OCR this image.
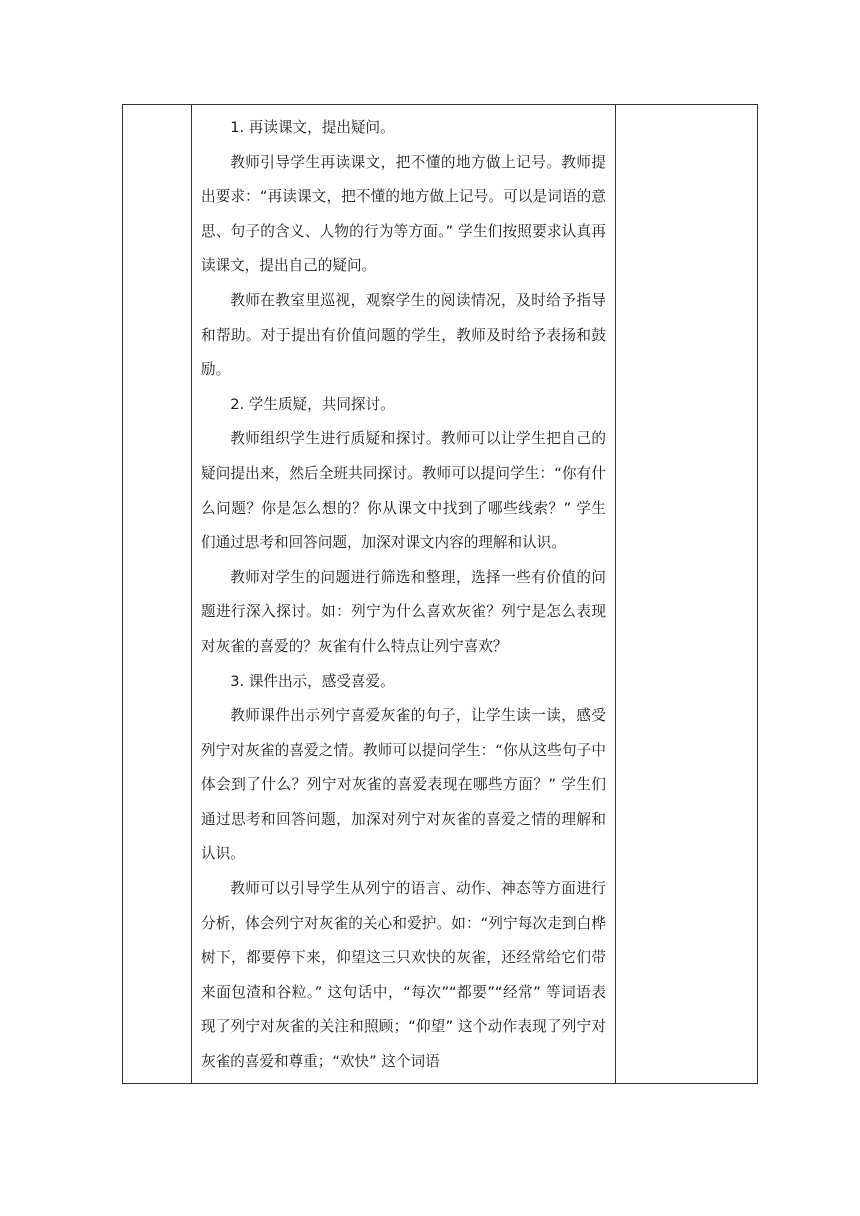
1. 再读课文，提出疑问。

教师引导学生再读课文，把不懂的地方做上记号。教师提出要求：“再读课文，把不懂的地方做上记号。可以是词语的意思、句子的含义、人物的行为等方面。” 学生们按照要求认真再读课文，提出自己的疑问。

教师在教室里巡视，观察学生的阅读情况，及时给予指导和帮助。对于提出有价值问题的学生，教师及时给予表扬和鼓励。

2. 学生质疑，共同探讨。

教师组织学生进行质疑和探讨。教师可以让学生把自己的疑问提出来，然后全班共同探讨。教师可以提问学生：“你有什么问题？你是怎么想的？你从课文中找到了哪些线索？” 学生们通过思考和回答问题，加深对课文内容的理解和认识。

教师对学生的问题进行筛选和整理，选择一些有价值的问题进行深入探讨。如：列宁为什么喜欢灰雀？列宁是怎么表现对灰雀的喜爱的？灰雀有什么特点让列宁喜欢？

3. 课件出示，感受喜爱。

教师课件出示列宁喜爱灰雀的句子，让学生读一读，感受列宁对灰雀的喜爱之情。教师可以提问学生：“你从这些句子中体会到了什么？列宁对灰雀的喜爱表现在哪些方面？” 学生们通过思考和回答问题，加深对列宁对灰雀的喜爱之情的理解和认识。

教师可以引导学生从列宁的语言、动作、神态等方面进行分析，体会列宁对灰雀的关心和爱护。如：“列宁每次走到白桦树下，都要停下来，仰望这三只欢快的灰雀，还经常给它们带来面包渣和谷粒。” 这句话中，“每次”“都要”“经常” 等词语表现了列宁对灰雀的关注和照顾；“仰望” 这个动作表现了列宁对灰雀的喜爱和尊重；“欢快” 这个词语
